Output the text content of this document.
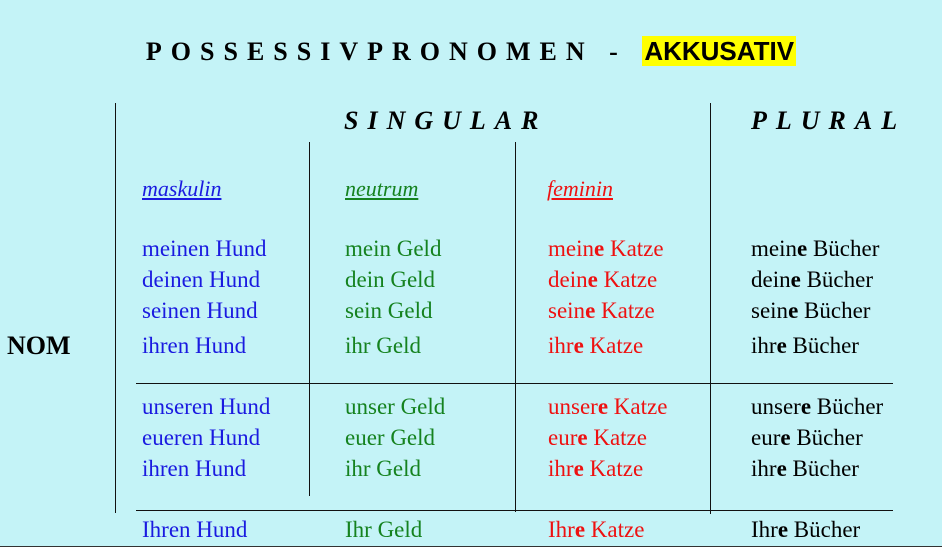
POSSESSIVPRONOMEN - AKKUSATIV
SINGULAR	PLURAL
maskulin	neutrum	feminin
NOM
meinen Hund	mein Geld	meine Katze	meine Bücher
deinen Hund	dein Geld	deine Katze	deine Bücher
seinen Hund	sein Geld	seine Katze	seine Bücher
ihren Hund	ihr Geld	ihre Katze	ihre Bücher
unseren Hund	unser Geld	unsere Katze	unsere Bücher
eueren Hund	euer Geld	eure Katze	eure Bücher
ihren Hund	ihr Geld	ihre Katze	ihre Bücher
Ihren Hund	Ihr Geld	Ihre Katze	Ihre Bücher
